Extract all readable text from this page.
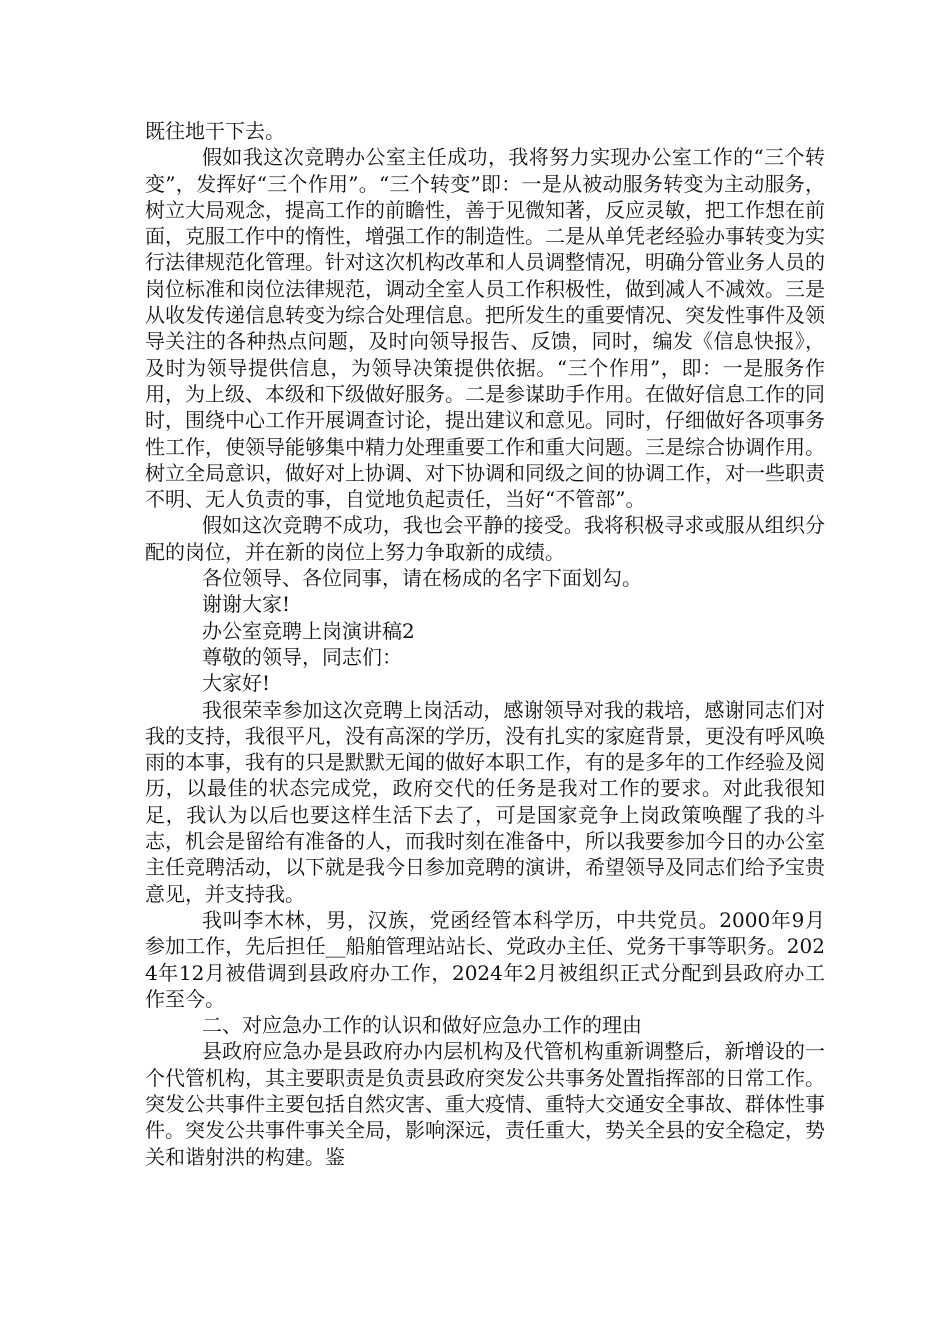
既往地干下去。

假如我这次竞聘办公室主任成功，我将努力实现办公室工作的“三个转变”，发挥好“三个作用”。“三个转变”即：一是从被动服务转变为主动服务，树立大局观念，提高工作的前瞻性，善于见微知著，反应灵敏，把工作想在前面，克服工作中的惰性，增强工作的制造性。二是从单凭老经验办事转变为实行法律规范化管理。针对这次机构改革和人员调整情况，明确分管业务人员的岗位标准和岗位法律规范，调动全室人员工作积极性，做到减人不减效。三是从收发传递信息转变为综合处理信息。把所发生的重要情况、突发性事件及领导关注的各种热点问题，及时向领导报告、反馈，同时，编发《信息快报》，及时为领导提供信息，为领导决策提供依据。“三个作用”，即：一是服务作用，为上级、本级和下级做好服务。二是参谋助手作用。在做好信息工作的同时，围绕中心工作开展调查讨论，提出建议和意见。同时，仔细做好各项事务性工作，使领导能够集中精力处理重要工作和重大问题。三是综合协调作用。树立全局意识，做好对上协调、对下协调和同级之间的协调工作，对一些职责不明、无人负责的事，自觉地负起责任，当好“不管部”。

假如这次竞聘不成功，我也会平静的接受。我将积极寻求或服从组织分配的岗位，并在新的岗位上努力争取新的成绩。

各位领导、各位同事，请在杨成的名字下面划勾。

谢谢大家!

办公室竞聘上岗演讲稿2

尊敬的领导，同志们：

大家好!

我很荣幸参加这次竞聘上岗活动，感谢领导对我的栽培，感谢同志们对我的支持，我很平凡，没有高深的学历，没有扎实的家庭背景，更没有呼风唤雨的本事，我有的只是默默无闻的做好本职工作，有的是多年的工作经验及阅历，以最佳的状态完成党，政府交代的任务是我对工作的要求。对此我很知足，我认为以后也要这样生活下去了，可是国家竞争上岗政策唤醒了我的斗志，机会是留给有准备的人，而我时刻在准备中，所以我要参加今日的办公室主任竞聘活动，以下就是我今日参加竞聘的演讲，希望领导及同志们给予宝贵意见，并支持我。

我叫李木林，男，汉族，党函经管本科学历，中共党员。2000年9月参加工作，先后担任__船舶管理站站长、党政办主任、党务干事等职务。2024年12月被借调到县政府办工作，2024年2月被组织正式分配到县政府办工作至今。

二、对应急办工作的认识和做好应急办工作的理由

县政府应急办是县政府办内层机构及代管机构重新调整后，新增设的一个代管机构，其主要职责是负责县政府突发公共事务处置指挥部的日常工作。突发公共事件主要包括自然灾害、重大疫情、重特大交通安全事故、群体性事件。突发公共事件事关全局，影响深远，责任重大，势关全县的安全稳定，势关和谐射洪的构建。鉴
